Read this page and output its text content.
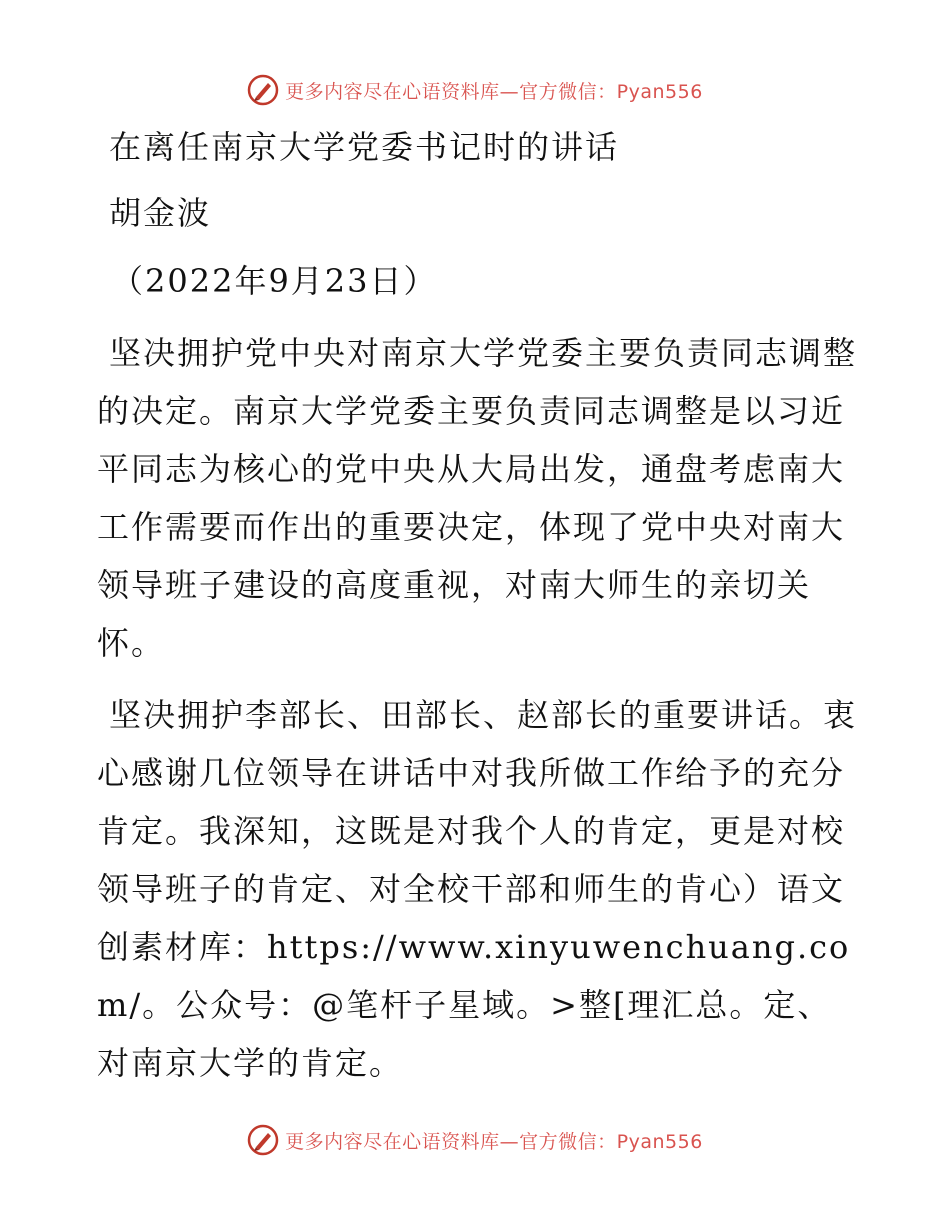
更多内容尽在心语资料库—官方微信：Pyan556

在离任南京大学党委书记时的讲话

胡金波

（2022年9月23日）

坚决拥护党中央对南京大学党委主要负责同志调整的决定。南京大学党委主要负责同志调整是以习近平同志为核心的党中央从大局出发，通盘考虑南大工作需要而作出的重要决定，体现了党中央对南大领导班子建设的高度重视，对南大师生的亲切关怀。

坚决拥护李部长、田部长、赵部长的重要讲话。衷心感谢几位领导在讲话中对我所做工作给予的充分肯定。我深知，这既是对我个人的肯定，更是对校领导班子的肯定、对全校干部和师生的肯心）语文创素材库：https://www.xinyuwenchuang.com/。公众号：@笔杆子星域。>整[理汇总。定、对南京大学的肯定。

更多内容尽在心语资料库—官方微信：Pyan556
